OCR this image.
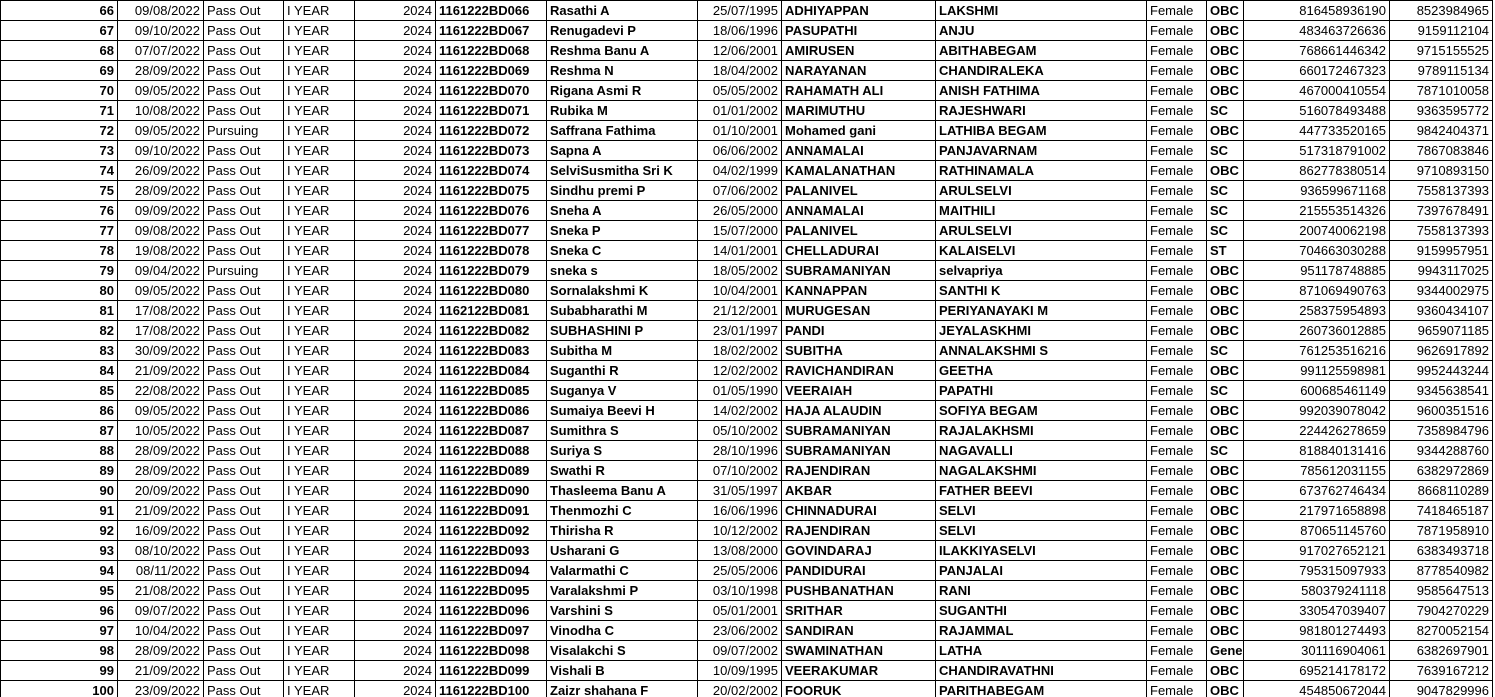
66	09/08/2022	Pass Out	I YEAR	2024	1161222BD066	Rasathi A	25/07/1995	ADHIYAPPAN	LAKSHMI	Female	OBC	816458936190	8523984965
67	09/10/2022	Pass Out	I YEAR	2024	1161222BD067	Renugadevi P	18/06/1996	PASUPATHI	ANJU	Female	OBC	483463726636	9159112104
68	07/07/2022	Pass Out	I YEAR	2024	1161222BD068	Reshma Banu A	12/06/2001	AMIRUSEN	ABITHABEGAM	Female	OBC	768661446342	9715155525
69	28/09/2022	Pass Out	I YEAR	2024	1161222BD069	Reshma N	18/04/2002	NARAYANAN	CHANDIRALEKA	Female	OBC	660172467323	9789115134
70	09/05/2022	Pass Out	I YEAR	2024	1161222BD070	Rigana Asmi R	05/05/2002	RAHAMATH ALI	ANISH FATHIMA	Female	OBC	467000410554	7871010058
71	10/08/2022	Pass Out	I YEAR	2024	1161222BD071	Rubika M	01/01/2002	MARIMUTHU	RAJESHWARI	Female	SC	516078493488	9363595772
72	09/05/2022	Pursuing	I YEAR	2024	1161222BD072	Saffrana Fathima	01/10/2001	Mohamed gani	LATHIBA BEGAM	Female	OBC	447733520165	9842404371
73	09/10/2022	Pass Out	I YEAR	2024	1161222BD073	Sapna A	06/06/2002	ANNAMALAI	PANJAVARNAM	Female	SC	517318791002	7867083846
74	26/09/2022	Pass Out	I YEAR	2024	1161222BD074	SelviSusmitha Sri K	04/02/1999	KAMALANATHAN	RATHINAMALA	Female	OBC	862778380514	9710893150
75	28/09/2022	Pass Out	I YEAR	2024	1161222BD075	Sindhu premi P	07/06/2002	PALANIVEL	ARULSELVI	Female	SC	936599671168	7558137393
76	09/09/2022	Pass Out	I YEAR	2024	1161222BD076	Sneha A	26/05/2000	ANNAMALAI	MAITHILI	Female	SC	215553514326	7397678491
77	09/08/2022	Pass Out	I YEAR	2024	1161222BD077	Sneka P	15/07/2000	PALANIVEL	ARULSELVI	Female	SC	200740062198	7558137393
78	19/08/2022	Pass Out	I YEAR	2024	1161222BD078	Sneka C	14/01/2001	CHELLADURAI	KALAISELVI	Female	ST	704663030288	9159957951
79	09/04/2022	Pursuing	I YEAR	2024	1161222BD079	sneka s	18/05/2002	SUBRAMANIYAN	selvapriya	Female	OBC	951178748885	9943117025
80	09/05/2022	Pass Out	I YEAR	2024	1161222BD080	Sornalakshmi K	10/04/2001	KANNAPPAN	SANTHI K	Female	OBC	871069490763	9344002975
81	17/08/2022	Pass Out	I YEAR	2024	1162122BD081	Subabharathi M	21/12/2001	MURUGESAN	PERIYANAYAKI M	Female	OBC	258375954893	9360434107
82	17/08/2022	Pass Out	I YEAR	2024	1161222BD082	SUBHASHINI P	23/01/1997	PANDI	JEYALASKHMI	Female	OBC	260736012885	9659071185
83	30/09/2022	Pass Out	I YEAR	2024	1161222BD083	Subitha M	18/02/2002	SUBITHA	ANNALAKSHMI S	Female	SC	761253516216	9626917892
84	21/09/2022	Pass Out	I YEAR	2024	1161222BD084	Suganthi R	12/02/2002	RAVICHANDIRAN	GEETHA	Female	OBC	991125598981	9952443244
85	22/08/2022	Pass Out	I YEAR	2024	1161222BD085	Suganya V	01/05/1990	VEERAIAH	PAPATHI	Female	SC	600685461149	9345638541
86	09/05/2022	Pass Out	I YEAR	2024	1161222BD086	Sumaiya Beevi H	14/02/2002	HAJA ALAUDIN	SOFIYA BEGAM	Female	OBC	992039078042	9600351516
87	10/05/2022	Pass Out	I YEAR	2024	1161222BD087	Sumithra S	05/10/2002	SUBRAMANIYAN	RAJALAKHSMI	Female	OBC	224426278659	7358984796
88	28/09/2022	Pass Out	I YEAR	2024	1161222BD088	Suriya S	28/10/1996	SUBRAMANIYAN	NAGAVALLI	Female	SC	818840131416	9344288760
89	28/09/2022	Pass Out	I YEAR	2024	1161222BD089	Swathi R	07/10/2002	RAJENDIRAN	NAGALAKSHMI	Female	OBC	785612031155	6382972869
90	20/09/2022	Pass Out	I YEAR	2024	1161222BD090	Thasleema Banu A	31/05/1997	AKBAR	FATHER BEEVI	Female	OBC	673762746434	8668110289
91	21/09/2022	Pass Out	I YEAR	2024	1161222BD091	Thenmozhi C	16/06/1996	CHINNADURAI	SELVI	Female	OBC	217971658898	7418465187
92	16/09/2022	Pass Out	I YEAR	2024	1161222BD092	Thirisha R	10/12/2002	RAJENDIRAN	SELVI	Female	OBC	870651145760	7871958910
93	08/10/2022	Pass Out	I YEAR	2024	1161222BD093	Usharani G	13/08/2000	GOVINDARAJ	ILAKKIYASELVI	Female	OBC	917027652121	6383493718
94	08/11/2022	Pass Out	I YEAR	2024	1161222BD094	Valarmathi C	25/05/2006	PANDIDURAI	PANJALAI	Female	OBC	795315097933	8778540982
95	21/08/2022	Pass Out	I YEAR	2024	1161222BD095	Varalakshmi P	03/10/1998	PUSHBANATHAN	RANI	Female	OBC	580379241118	9585647513
96	09/07/2022	Pass Out	I YEAR	2024	1161222BD096	Varshini S	05/01/2001	SRITHAR	SUGANTHI	Female	OBC	330547039407	7904270229
97	10/04/2022	Pass Out	I YEAR	2024	1161222BD097	Vinodha C	23/06/2002	SANDIRAN	RAJAMMAL	Female	OBC	981801274493	8270052154
98	28/09/2022	Pass Out	I YEAR	2024	1161222BD098	Visalakchi S	09/07/2002	SWAMINATHAN	LATHA	Female	Gene	301116904061	6382697901
99	21/09/2022	Pass Out	I YEAR	2024	1161222BD099	Vishali B	10/09/1995	VEERAKUMAR	CHANDIRAVATHNI	Female	OBC	695214178172	7639167212
100	23/09/2022	Pass Out	I YEAR	2024	1161222BD100	Zaizr shahana F	20/02/2002	FOORUK	PARITHABEGAM	Female	OBC	454850672044	9047829996
